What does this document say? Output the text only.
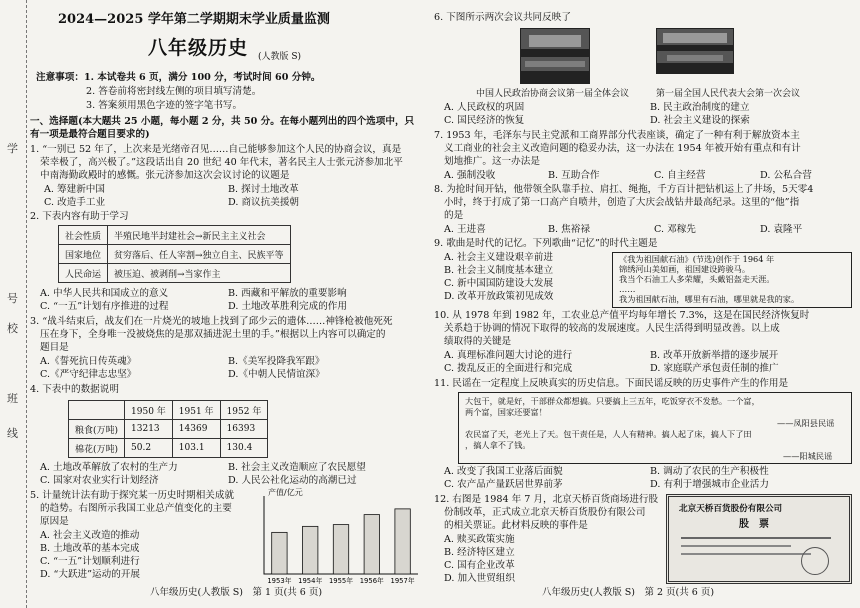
学
号
校
班
线
2024—2025 学年第二学期期末学业质量监测
八年级历史 (人教版 S)
注意事项：1. 本试卷共 6 页，满分 100 分，考试时间 60 分钟。
2. 答卷前将密封线左侧的项目填写清楚。
3. 答案须用黑色字迹的签字笔书写。
一、选择题(本大题共 25 小题，每小题 2 分，共 50 分。在每小题列出的四个选项中，只
有一项是最符合题目要求的)
1. “一别已 52 年了，上次来是光绪帝召见……自己能够参加这个人民的协商会议，真是
荣幸极了，高兴极了。”这段话出自 20 世纪 40 年代末，著名民主人士张元济参加北平
中南海勤政殿时的感慨。张元济参加这次会议讨论的议题是
A. 筹建新中国	B. 探讨土地改革
C. 改造手工业	D. 商议抗美援朝
2. 下表内容有助于学习
社会性质	半殖民地半封建社会→新民主主义社会
国家地位	贫穷落后、任人宰割→独立自主、民族平等
人民命运	被压迫、被剥削→当家作主
A. 中华人民共和国成立的意义	B. 西藏和平解放的重要影响
C. “一五”计划有序推进的过程	D. 土地改革胜利完成的作用
3. “战斗结束后，战友们在一片烧光的坡地上找到了邱少云的遗体……神锋枪被他死死
压在身下，全身唯一没被烧焦的是那双插进泥土里的手。”根据以上内容可以确定的
题目是
A.《誓死抗日传英魂》	B.《美军投降我军跟》
C.《严守纪律志忠坚》	D.《中朝人民情谊深》
4. 下表中的数据说明
	1950 年	1951 年	1952 年
粮食(万吨)	13213	14369	16393
棉花(万吨)	50.2	103.1	130.4
A. 土地改革解放了农村的生产力	B. 社会主义改造顺应了农民愿望
C. 国家对农业实行计划经济	D. 人民公社化运动的高潮已过
5. 计量统计法有助于探究某一历史时期相关成就
的趋势。右图所示我国工业总产值变化的主要
原因是
A. 社会主义改造的推动
B. 土地改革的基本完成
C. “一五”计划顺利进行
D. “大跃进”运动的开展
产值/亿元
1953年 1954年 1955年 1956年 1957年
八年级历史(人教版 S)　第 1 页(共 6 页)
6. 下图所示两次会议共同反映了
中国人民政治协商会议第一届全体会议	第一届全国人民代表大会第一次会议
A. 人民政权的巩固	B. 民主政治制度的建立
C. 国民经济的恢复	D. 社会主义建设的探索
7. 1953 年，毛泽东与民主党派和工商界部分代表座谈，确定了一种有利于解放资本主
义工商业的社会主义改造问题的稳妥办法，这一办法在 1954 年被开始有重点和有计
划地推广。这一办法是
A. 强制没收	B. 互助合作	C. 自主经营	D. 公私合营
8. 为抢时间开钻，他带领全队靠手拉、肩扛、绳拖，千方百计把钻机运上了井场，5天零4
小时，终于打成了第一口高产自喷井，创造了大庆会战钻井最高纪录。这里的“他”指
的是
A. 王进喜	B. 焦裕禄	C. 邓稼先	D. 袁隆平
9. 歌曲是时代的记忆。下列歌曲“记忆”的时代主题是
A. 社会主义建设艰辛前进
B. 社会主义制度基本建立
C. 新中国国防建设大发展
D. 改革开放政策初见成效
《我为祖国献石油》(节选)创作于 1964 年
锦绣河山美如画，祖国建设跨骏马。
我当个石油工人多荣耀，头戴铝盔走天涯。
……
我为祖国献石油，哪里有石油，哪里就是我的家。
10. 从 1978 年到 1982 年，工农业总产值平均每年增长 7.3%，这是在国民经济恢复时
关系趋于协调的情况下取得的较高的发展速度。人民生活得到明显改善。以上成
绩取得的关键是
A. 真理标准问题大讨论的进行	B. 改革开放新举措的逐步展开
C. 拨乱反正的全面进行和完成	D. 家庭联产承包责任制的推广
11. 民谣在一定程度上反映真实的历史信息。下面民谣反映的历史事件产生的作用是
大包干，就是好，干部群众都想搞。只要搞上三五年，吃饭穿衣不发愁。一个富，
两个富，国家还要富！
——凤阳县民谣
农民富了天，老光上了天。包干责任是，人人有精神。搞人起了床，搞人下了田
，搞人拿不了钱。
——阳城民谣
A. 改变了我国工业落后面貌	B. 调动了农民的生产积极性
C. 农产品产量跃居世界前茅	D. 有利于增强城市企业活力
12. 右图是 1984 年 7 月，北京天桥百货商场进行股
份制改革，正式成立北京天桥百货股份有限公司
的相关票证。此材料反映的事件是
A. 赎买政策实施
B. 经济特区建立
C. 国有企业改革
D. 加入世贸组织
北京天桥百货股份有限公司
股　票
八年级历史(人教版 S)　第 2 页(共 6 页)
